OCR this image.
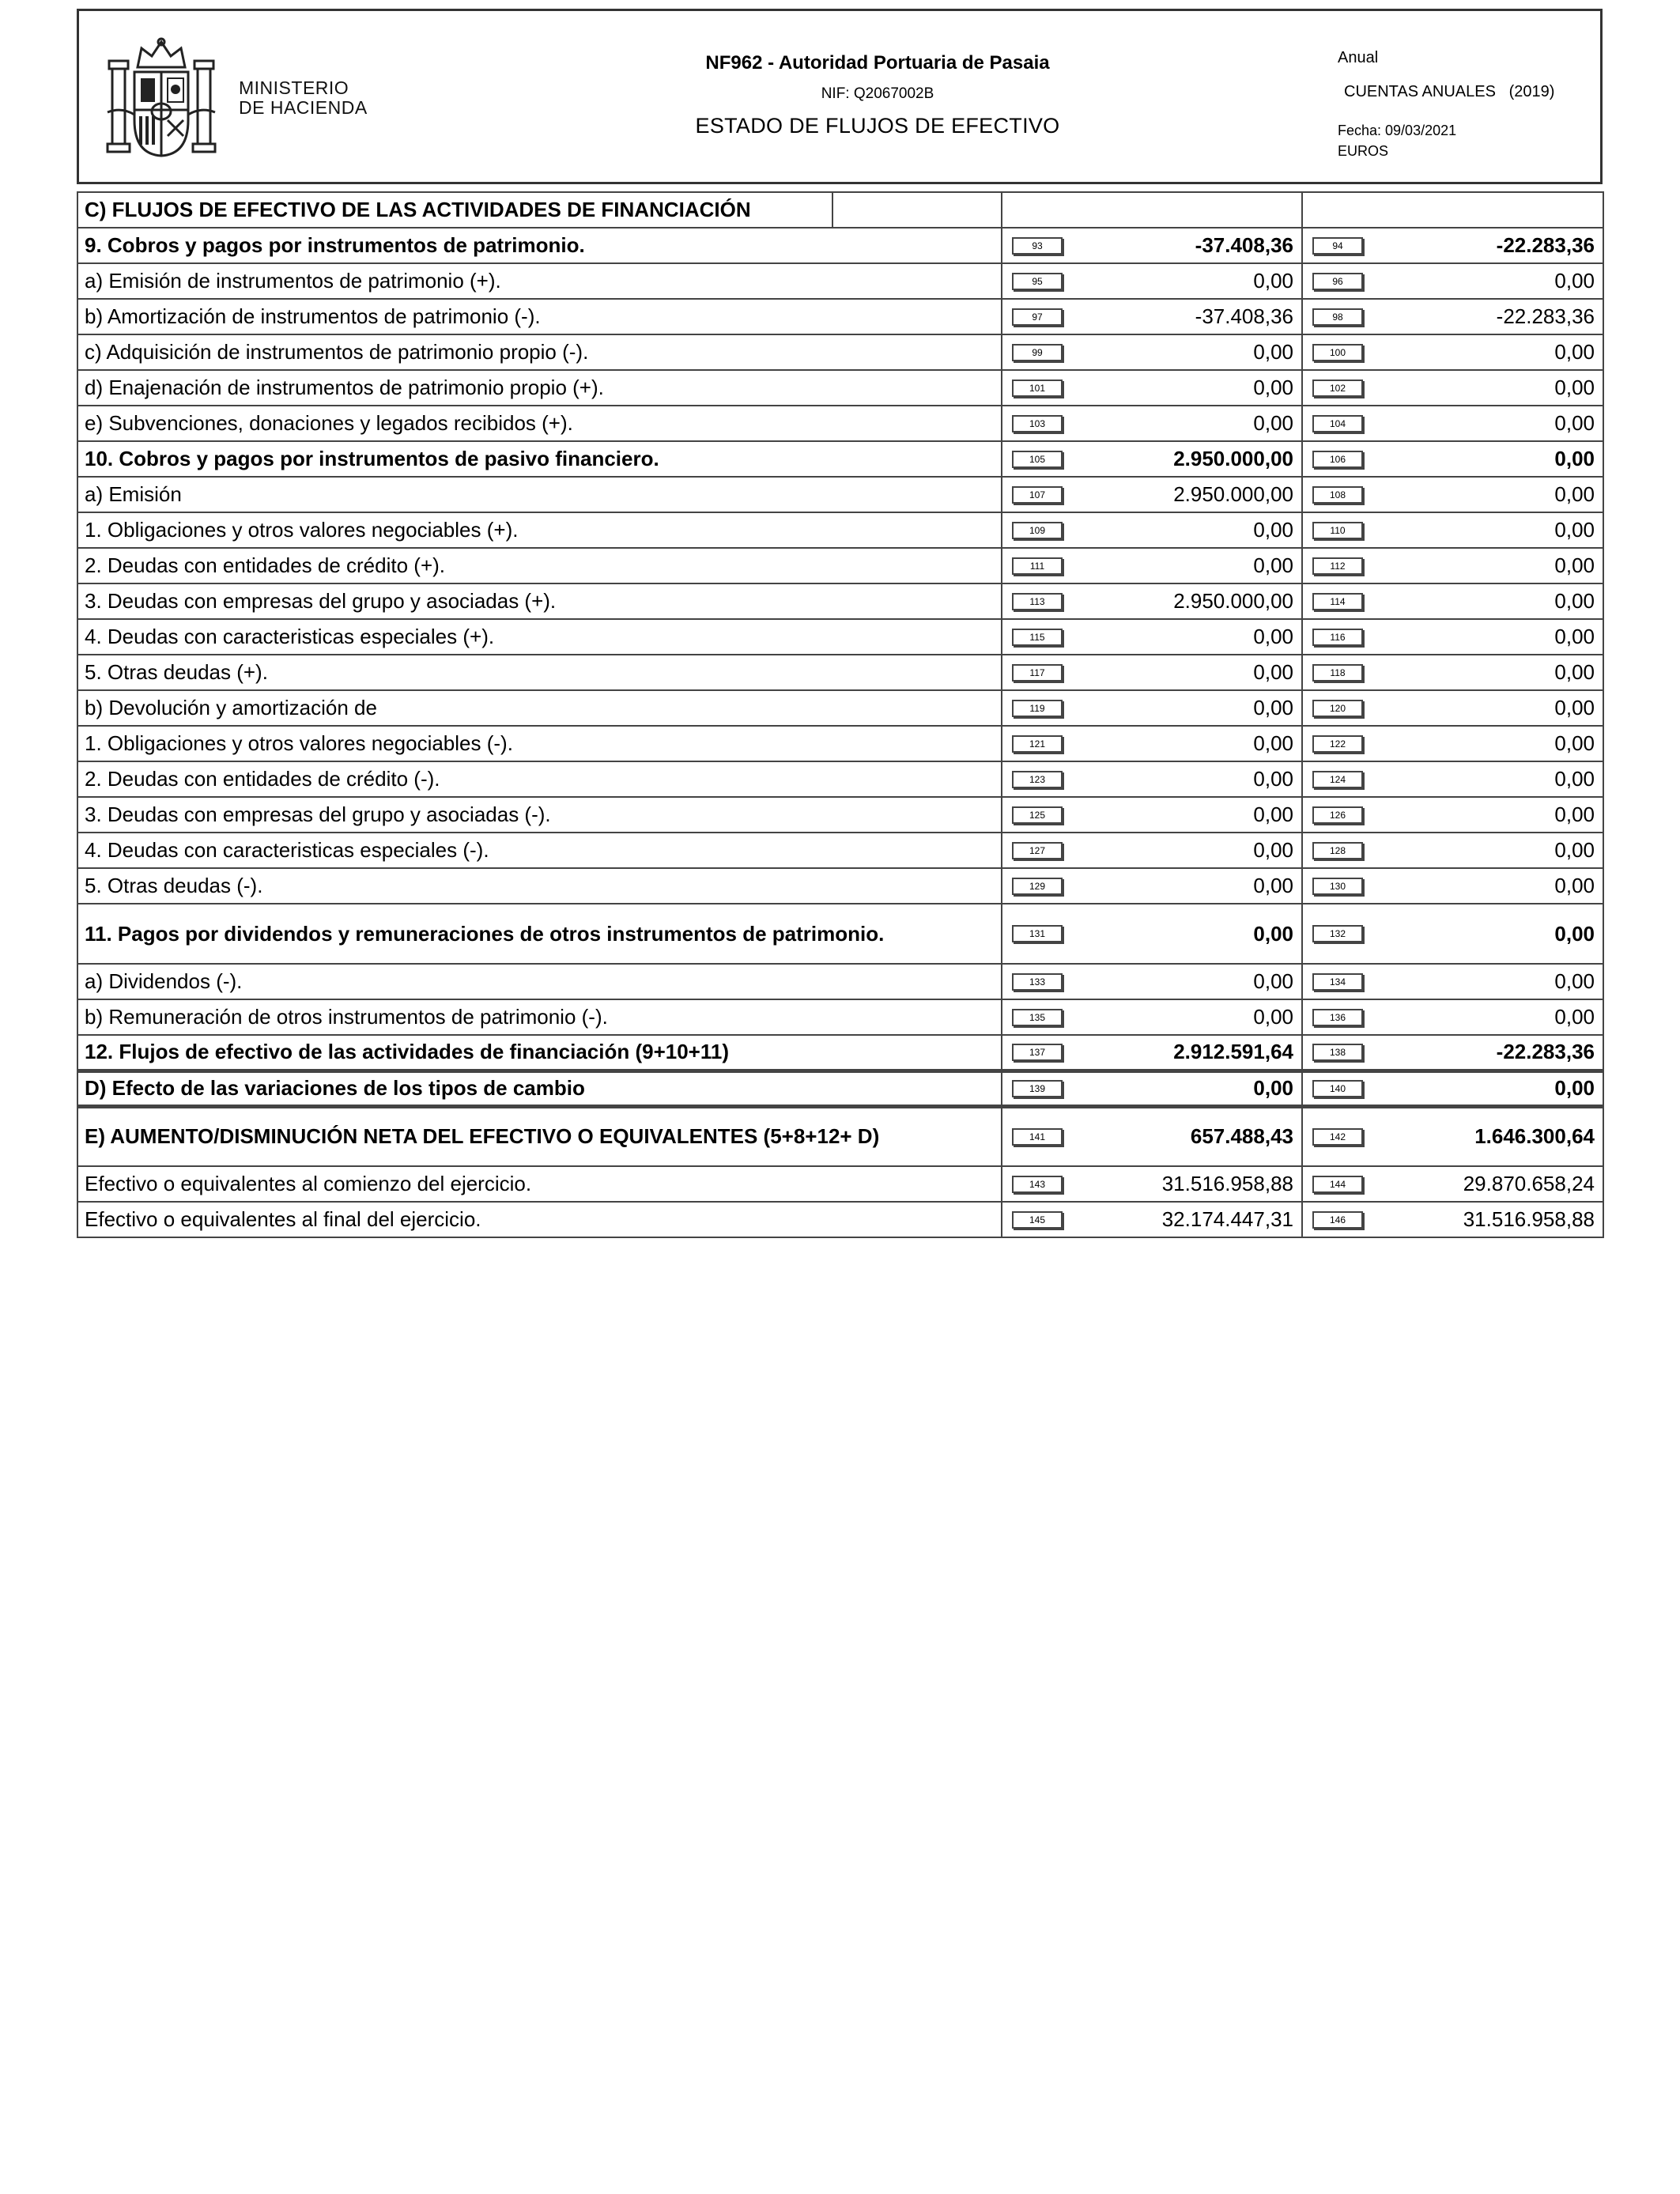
MINISTERIO
DE HACIENDA
NF962 - Autoridad Portuaria de Pasaia
NIF: Q2067002B
ESTADO DE FLUJOS DE EFECTIVO
Anual
CUENTAS ANUALES   (2019)
Fecha: 09/03/2021
EUROS
C) FLUJOS DE EFECTIVO DE LAS ACTIVIDADES DE FINANCIACIÓN			
9. Cobros y pagos por instrumentos de patrimonio.		93 -37.408,36	94 -22.283,36
a) Emisión de instrumentos de patrimonio (+).		95 0,00	96 0,00
b) Amortización de instrumentos de patrimonio (-).		97 -37.408,36	98 -22.283,36
c) Adquisición de instrumentos de patrimonio propio (-).		99 0,00	100 0,00
d) Enajenación de instrumentos de patrimonio propio (+).		101 0,00	102 0,00
e) Subvenciones, donaciones y legados recibidos (+).		103 0,00	104 0,00
10. Cobros y pagos por instrumentos de pasivo financiero.		105 2.950.000,00	106 0,00
a) Emisión		107 2.950.000,00	108 0,00
1. Obligaciones y otros valores negociables (+).		109 0,00	110 0,00
2. Deudas con entidades de crédito (+).		111 0,00	112 0,00
3. Deudas con empresas del grupo y asociadas (+).		113 2.950.000,00	114 0,00
4. Deudas con caracteristicas especiales (+).		115 0,00	116 0,00
5. Otras deudas (+).		117 0,00	118 0,00
b) Devolución y amortización de		119 0,00	120 0,00
1. Obligaciones y otros valores negociables (-).		121 0,00	122 0,00
2. Deudas con entidades de crédito (-).		123 0,00	124 0,00
3. Deudas con empresas del grupo y asociadas (-).		125 0,00	126 0,00
4. Deudas con caracteristicas especiales (-).		127 0,00	128 0,00
5. Otras deudas (-).		129 0,00	130 0,00
11. Pagos por dividendos y remuneraciones de otros instrumentos de patrimonio.		131 0,00	132 0,00
a) Dividendos (-).		133 0,00	134 0,00
b) Remuneración de otros instrumentos de patrimonio (-).		135 0,00	136 0,00
12. Flujos de efectivo de las actividades de financiación (9+10+11)		137 2.912.591,64	138 -22.283,36
D) Efecto de las variaciones de los tipos de cambio		139 0,00	140 0,00
E) AUMENTO/DISMINUCIÓN NETA DEL EFECTIVO O EQUIVALENTES (5+8+12+ D)		141 657.488,43	142 1.646.300,64
Efectivo o equivalentes al comienzo del ejercicio.		143 31.516.958,88	144 29.870.658,24
Efectivo o equivalentes al final del ejercicio.		145 32.174.447,31	146 31.516.958,88
